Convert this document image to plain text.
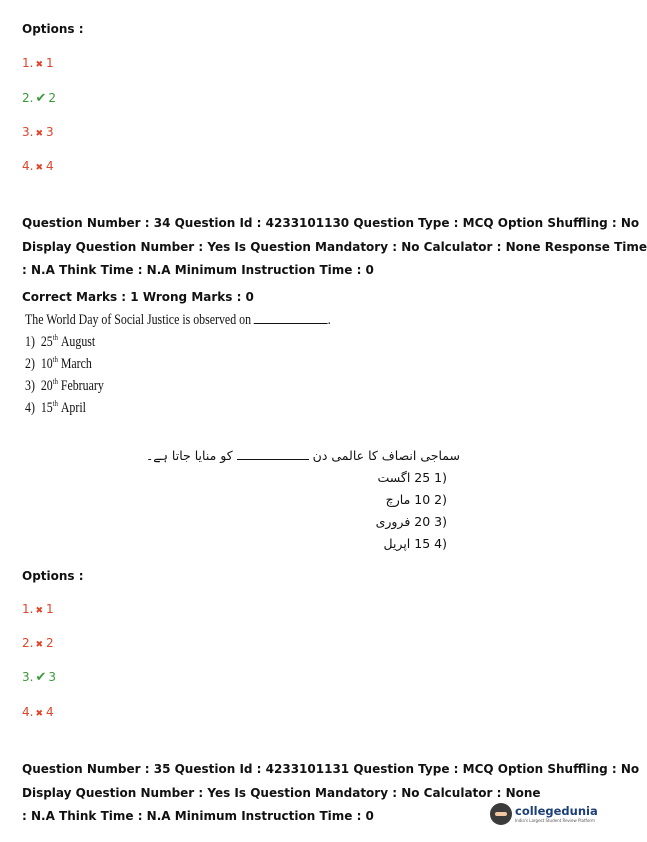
Options :
1. ✖ 1
2. ✔ 2
3. ✖ 3
4. ✖ 4
Question Number : 34 Question Id : 4233101130 Question Type : MCQ Option Shuffling : No
Display Question Number : Yes Is Question Mandatory : No Calculator : None Response Time
: N.A Think Time : N.A Minimum Instruction Time : 0
Correct Marks : 1 Wrong Marks : 0
The World Day of Social Justice is observed on	.
1) 25th August
2) 10th March
3) 20th February
4) 15th April
سماجی انصاف کا عالمی دن  کو منایا جاتا ہے۔
(1 25 اگست
(2 10 مارچ
(3 20 فروری
(4 15 اپریل
Options :
1. ✖ 1
2. ✖ 2
3. ✔ 3
4. ✖ 4
Question Number : 35 Question Id : 4233101131 Question Type : MCQ Option Shuffling : No
Display Question Number : Yes Is Question Mandatory : No Calculator : None
: N.A Think Time : N.A Minimum Instruction Time : 0	collegedunia
India's Largest Student Review Platform
